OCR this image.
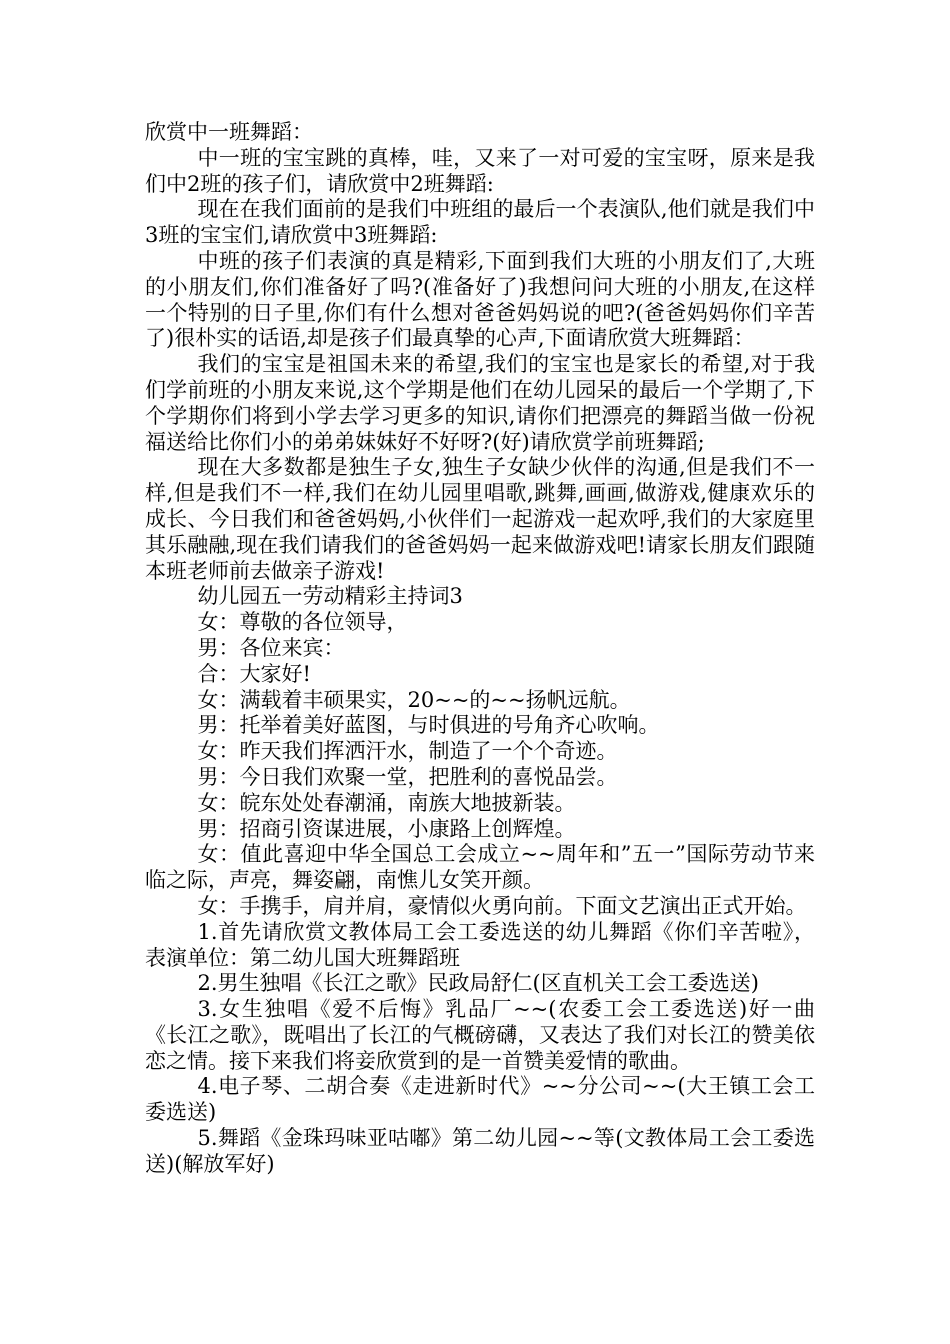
欣赏中一班舞蹈：

中一班的宝宝跳的真棒，哇，又来了一对可爱的宝宝呀，原来是我们中2班的孩子们，请欣赏中2班舞蹈:

现在在我们面前的是我们中班组的最后一个表演队,他们就是我们中3班的宝宝们,请欣赏中3班舞蹈:

中班的孩子们表演的真是精彩,下面到我们大班的小朋友们了,大班的小朋友们,你们准备好了吗?(准备好了)我想问问大班的小朋友,在这样一个特别的日子里,你们有什么想对爸爸妈妈说的吧?(爸爸妈妈你们辛苦了)很朴实的话语,却是孩子们最真挚的心声,下面请欣赏大班舞蹈：

我们的宝宝是祖国未来的希望,我们的宝宝也是家长的希望,对于我们学前班的小朋友来说,这个学期是他们在幼儿园呆的最后一个学期了,下个学期你们将到小学去学习更多的知识,请你们把漂亮的舞蹈当做一份祝福送给比你们小的弟弟妹妹好不好呀?(好)请欣赏学前班舞蹈;

现在大多数都是独生子女,独生子女缺少伙伴的沟通,但是我们不一样,但是我们不一样,我们在幼儿园里唱歌,跳舞,画画,做游戏,健康欢乐的成长、今日我们和爸爸妈妈,小伙伴们一起游戏一起欢呼,我们的大家庭里其乐融融,现在我们请我们的爸爸妈妈一起来做游戏吧!请家长朋友们跟随本班老师前去做亲子游戏!

幼儿园五一劳动精彩主持词3

女：尊敬的各位领导，

男：各位来宾：

合：大家好!

女：满载着丰硕果实，20~~的~~扬帆远航。

男：托举着美好蓝图，与时俱进的号角齐心吹响。

女：昨天我们挥洒汗水，制造了一个个奇迹。

男：今日我们欢聚一堂，把胜利的喜悦品尝。

女：皖东处处春潮涌，南族大地披新装。

男：招商引资谋进展，小康路上创辉煌。

女：值此喜迎中华全国总工会成立~~周年和”五一”国际劳动节来临之际，声亮，舞姿翩，南憔儿女笑开颜。

女：手携手，肩并肩，豪情似火勇向前。下面文艺演出正式开始。

1.首先请欣赏文教体局工会工委选送的幼儿舞蹈《你们辛苦啦》，表演单位：第二幼儿国大班舞蹈班

2.男生独唱《长江之歌》民政局舒仁(区直机关工会工委选送)

3.女生独唱《爱不后悔》乳品厂~~(农委工会工委选送)好一曲《长江之歌》，既唱出了长江的气概磅礴，又表达了我们对长江的赞美依恋之情。接下来我们将妾欣赏到的是一首赞美爱情的歌曲。

4.电子琴、二胡合奏《走进新时代》~~分公司~~(大王镇工会工委选送)

5.舞蹈《金珠玛味亚咕嘟》第二幼儿园~~等(文教体局工会工委选送)(解放军好)
